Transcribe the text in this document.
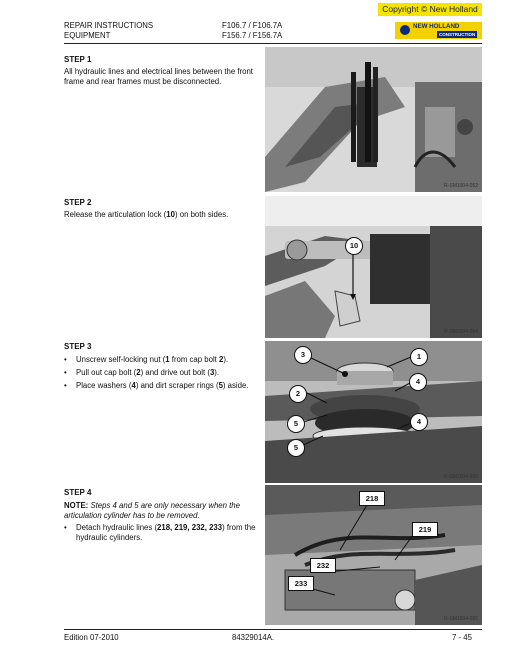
Copyright © New Holland
REPAIR INSTRUCTIONS
EQUIPMENT
F106.7 / F106.7A
F156.7 / F156.7A
NEW HOLLAND
CONSTRUCTION
STEP 1
All hydraulic lines and electrical lines between the front frame and rear frames must be disconnected.
R-SM1004-052
STEP 2
Release the articulation lock (10) on both sides.
10
R-SM1004-054
STEP 3
• Unscrew self-locking nut (1 from cap bolt 2).
• Pull out cap bolt (2) and drive out bolt (3).
• Place washers (4) and dirt scraper rings (5) aside.
3	1
4
2
5	4
5
R-SM1004-050
STEP 4
NOTE: Steps 4 and 5 are only necessary when the articulation cylinder has to be removed.
• Detach hydraulic lines (218, 219, 232, 233) from the hydraulic cylinders.
218
219
232
233
R-SM1004-055
Edition 07-2010	84329014A.	7 - 45
